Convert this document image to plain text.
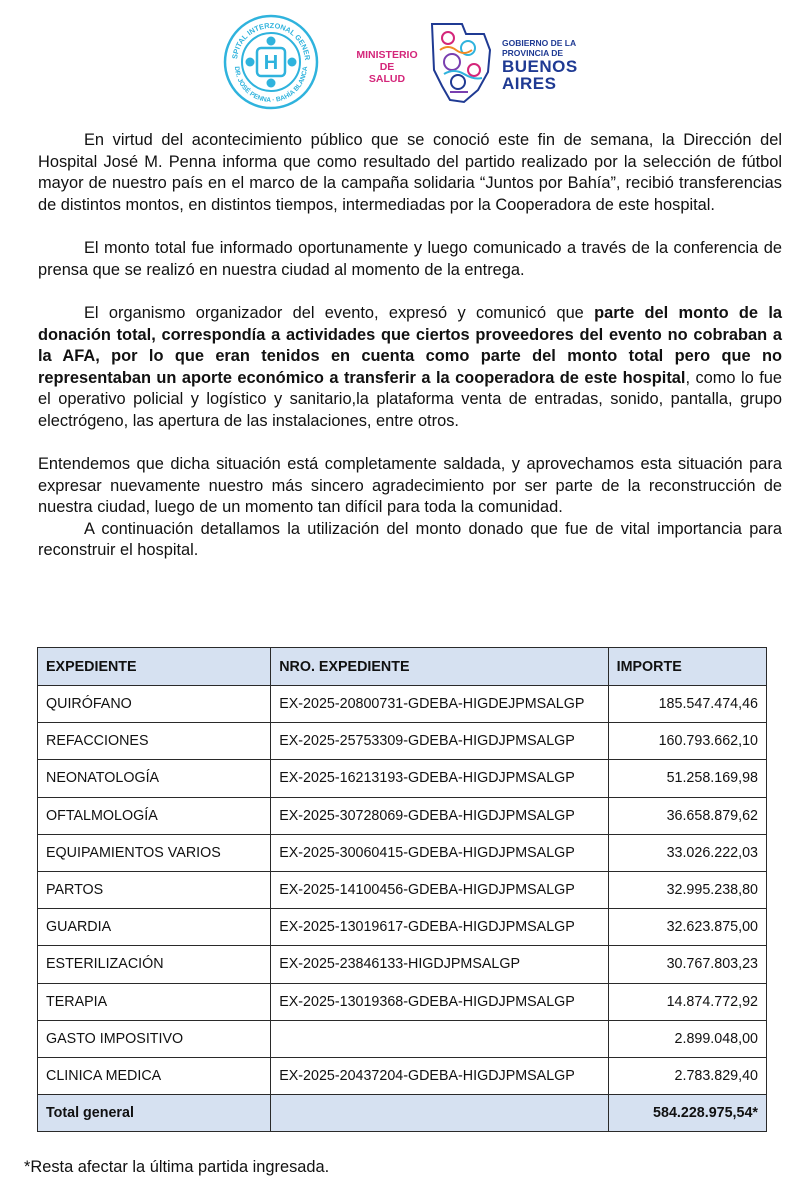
SPITAL INTERZONAL GENER
DR. JOSÉ PENNA · BAHÍA BLANCA
H	MINISTERIO DE
SALUD
GOBIERNO DE LA
PROVINCIA DE
BUENOS
AIRES

En virtud del acontecimiento público que se conoció este fin de semana, la Dirección del Hospital José M. Penna informa que como resultado del partido realizado por la selección de fútbol mayor de nuestro país en el marco de la campaña solidaria “Juntos por Bahía”, recibió transferencias de distintos montos, en distintos tiempos, intermediadas por la Cooperadora de este hospital.

El monto total fue informado oportunamente y luego comunicado a través de la conferencia de prensa que se realizó en nuestra ciudad al momento de la entrega.

El organismo organizador del evento, expresó y comunicó que parte del monto de la donación total, correspondía a actividades que ciertos proveedores del evento no cobraban a la AFA, por lo que eran tenidos en cuenta como parte del monto total pero que no representaban un aporte económico a transferir a la cooperadora de este hospital, como lo fue el operativo policial y logístico y sanitario,la plataforma venta de entradas, sonido, pantalla, grupo electrógeno, las apertura de las instalaciones, entre otros.

Entendemos que dicha situación está completamente saldada, y aprovechamos esta situación para expresar nuevamente nuestro más sincero agradecimiento por ser parte de la reconstrucción de nuestra ciudad, luego de un momento tan difícil para toda la comunidad.

A continuación detallamos la utilización del monto donado que fue de vital importancia para reconstruir el hospital.

EXPEDIENTE	NRO. EXPEDIENTE	IMPORTE
QUIRÓFANO	EX-2025-20800731-GDEBA-HIGDEJPMSALGP	185.547.474,46
REFACCIONES	EX-2025-25753309-GDEBA-HIGDJPMSALGP	160.793.662,10
NEONATOLOGÍA	EX-2025-16213193-GDEBA-HIGDJPMSALGP	51.258.169,98
OFTALMOLOGÍA	EX-2025-30728069-GDEBA-HIGDJPMSALGP	36.658.879,62
EQUIPAMIENTOS VARIOS	EX-2025-30060415-GDEBA-HIGDJPMSALGP	33.026.222,03
PARTOS	EX-2025-14100456-GDEBA-HIGDJPMSALGP	32.995.238,80
GUARDIA	EX-2025-13019617-GDEBA-HIGDJPMSALGP	32.623.875,00
ESTERILIZACIÓN	EX-2025-23846133-HIGDJPMSALGP	30.767.803,23
TERAPIA	EX-2025-13019368-GDEBA-HIGDJPMSALGP	14.874.772,92
GASTO IMPOSITIVO		2.899.048,00
CLINICA MEDICA	EX-2025-20437204-GDEBA-HIGDJPMSALGP	2.783.829,40
Total general		584.228.975,54*
*Resta afectar la última partida ingresada.
